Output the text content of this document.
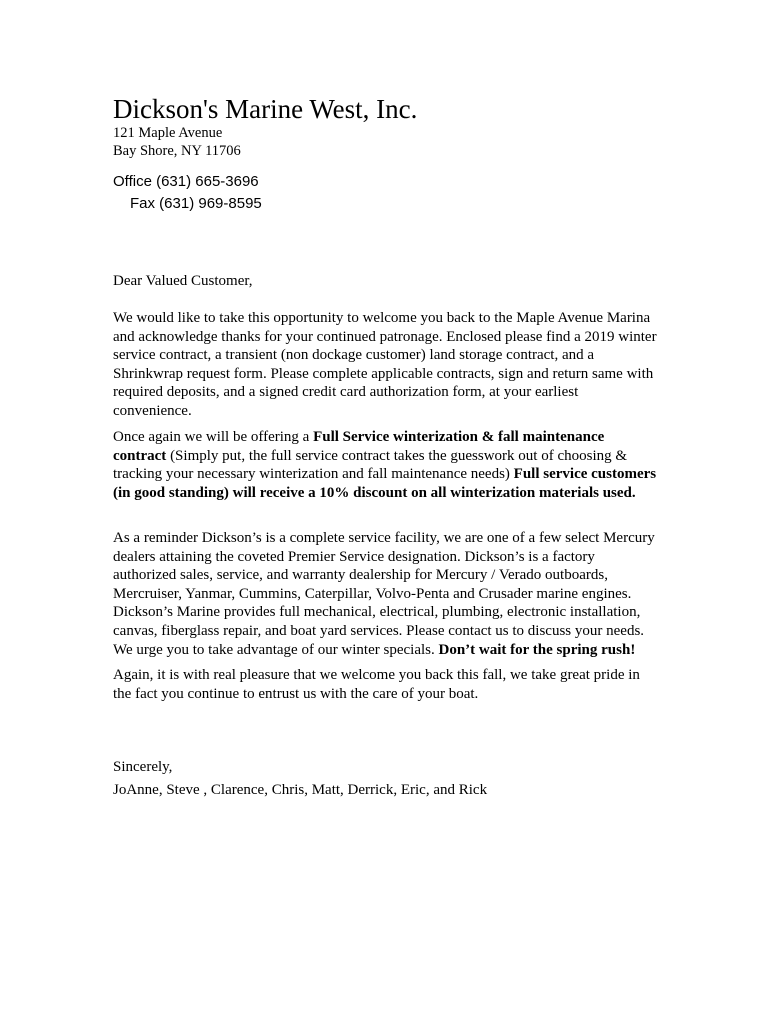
Dickson's Marine West, Inc.
121 Maple Avenue
Bay Shore, NY 11706
Office (631) 665-3696
Fax (631) 969-8595

Dear Valued Customer,

We would like to take this opportunity to welcome you back to the Maple Avenue Marina and acknowledge thanks for your continued patronage. Enclosed please find a 2019 winter service contract, a transient (non dockage customer) land storage contract, and a Shrinkwrap request form. Please complete applicable contracts, sign and return same with required deposits, and a signed credit card authorization form, at your earliest convenience.

Once again we will be offering a Full Service winterization & fall maintenance contract (Simply put, the full service contract takes the guesswork out of choosing & tracking your necessary winterization and fall maintenance needs) Full service customers (in good standing) will receive a 10% discount on all winterization materials used.

As a reminder Dickson’s is a complete service facility, we are one of a few select Mercury dealers attaining the coveted Premier Service designation. Dickson’s is a factory authorized sales, service, and warranty dealership for Mercury / Verado outboards, Mercruiser, Yanmar, Cummins, Caterpillar, Volvo-Penta and Crusader marine engines. Dickson’s Marine provides full mechanical, electrical, plumbing, electronic installation, canvas, fiberglass repair, and boat yard services. Please contact us to discuss your needs. We urge you to take advantage of our winter specials. Don’t wait for the spring rush!

Again, it is with real pleasure that we welcome you back this fall, we take great pride in the fact you continue to entrust us with the care of your boat.

Sincerely,

JoAnne, Steve , Clarence, Chris, Matt, Derrick, Eric, and Rick
